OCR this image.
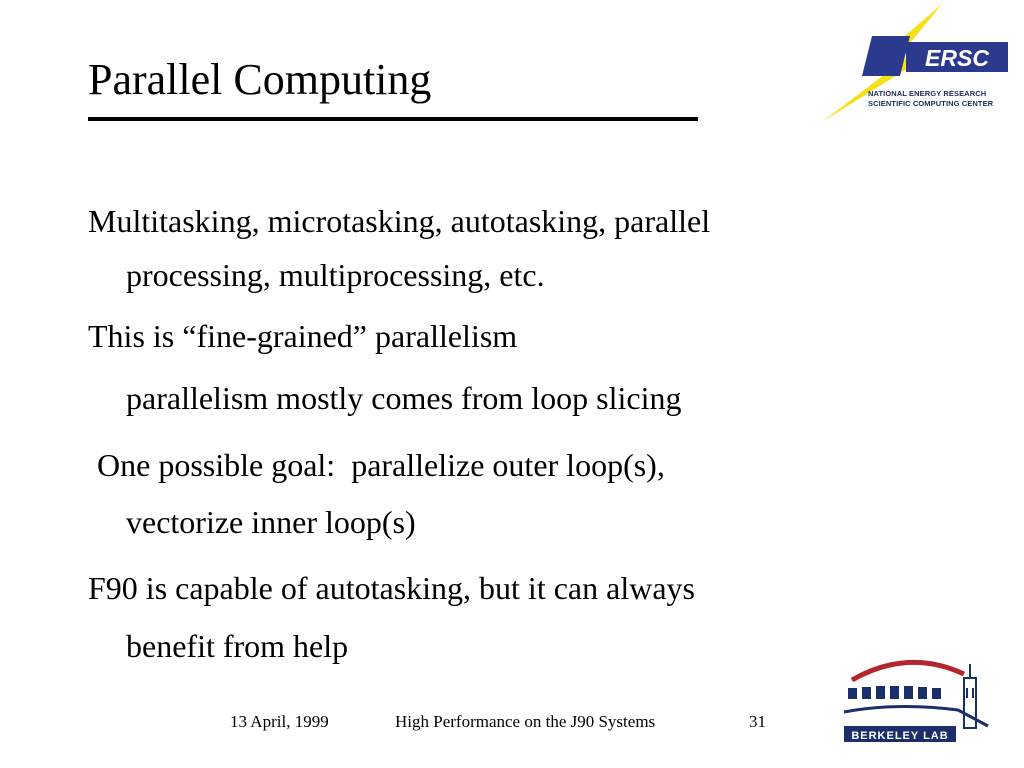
Parallel Computing	ERSC
NATIONAL ENERGY RESEARCH
SCIENTIFIC COMPUTING CENTER

Multitasking, microtasking, autotasking, parallel

processing, multiprocessing, etc.

This is “fine-grained” parallelism

parallelism mostly comes from loop slicing

One possible goal:  parallelize outer loop(s),

vectorize inner loop(s)

F90 is capable of autotasking, but it can always

benefit from help

13 April, 1999	High Performance on the J90 Systems	31
BERKELEY LAB
